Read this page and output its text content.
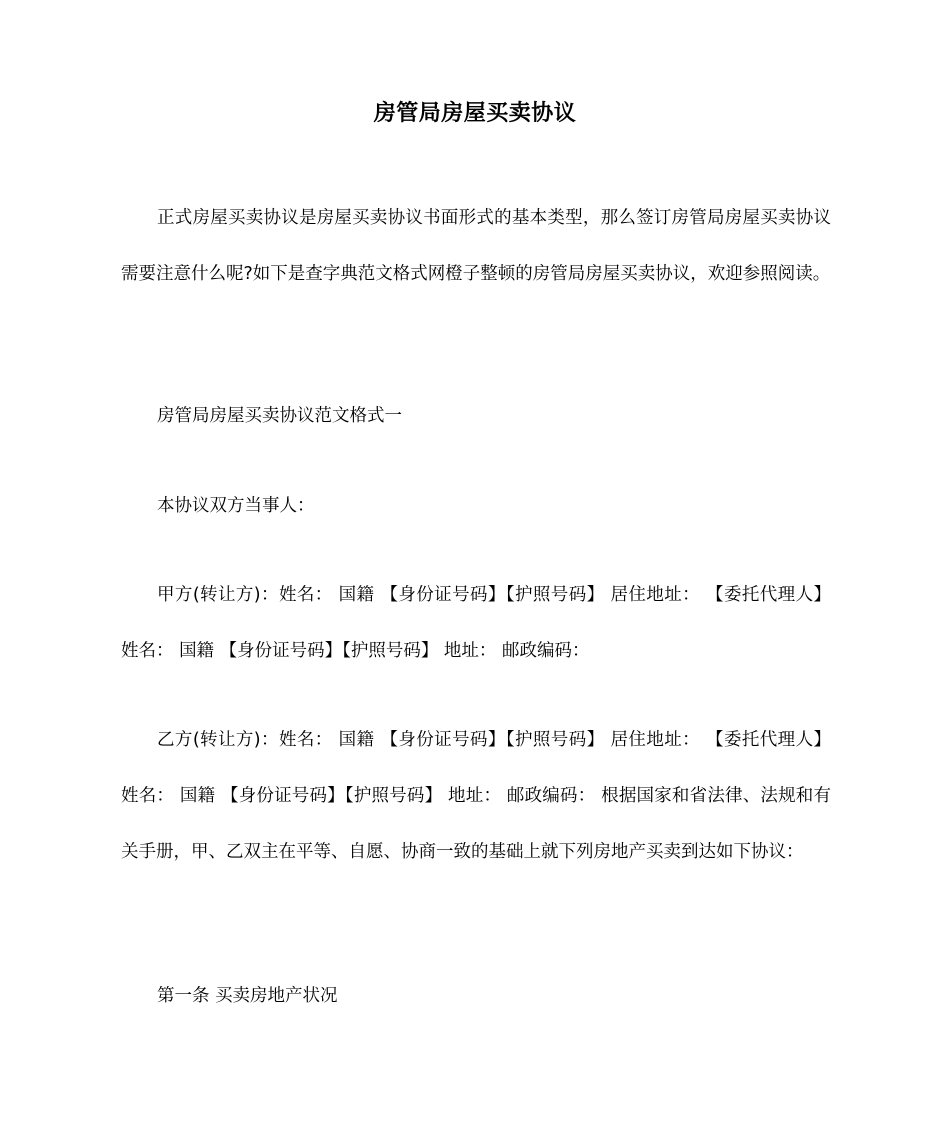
房管局房屋买卖协议

正式房屋买卖协议是房屋买卖协议书面形式的基本类型，那么签订房管局房屋买卖协议需要注意什么呢?如下是查字典范文格式网橙子整顿的房管局房屋买卖协议，欢迎参照阅读。

房管局房屋买卖协议范文格式一

本协议双方当事人：

甲方(转让方)：姓名： 国籍 【身份证号码】【护照号码】 居住地址： 【委托代理人】姓名： 国籍 【身份证号码】【护照号码】 地址： 邮政编码：

乙方(转让方)：姓名： 国籍 【身份证号码】【护照号码】 居住地址： 【委托代理人】姓名： 国籍 【身份证号码】【护照号码】 地址： 邮政编码： 根据国家和省法律、法规和有关手册，甲、乙双主在平等、自愿、协商一致的基础上就下列房地产买卖到达如下协议：

第一条 买卖房地产状况
